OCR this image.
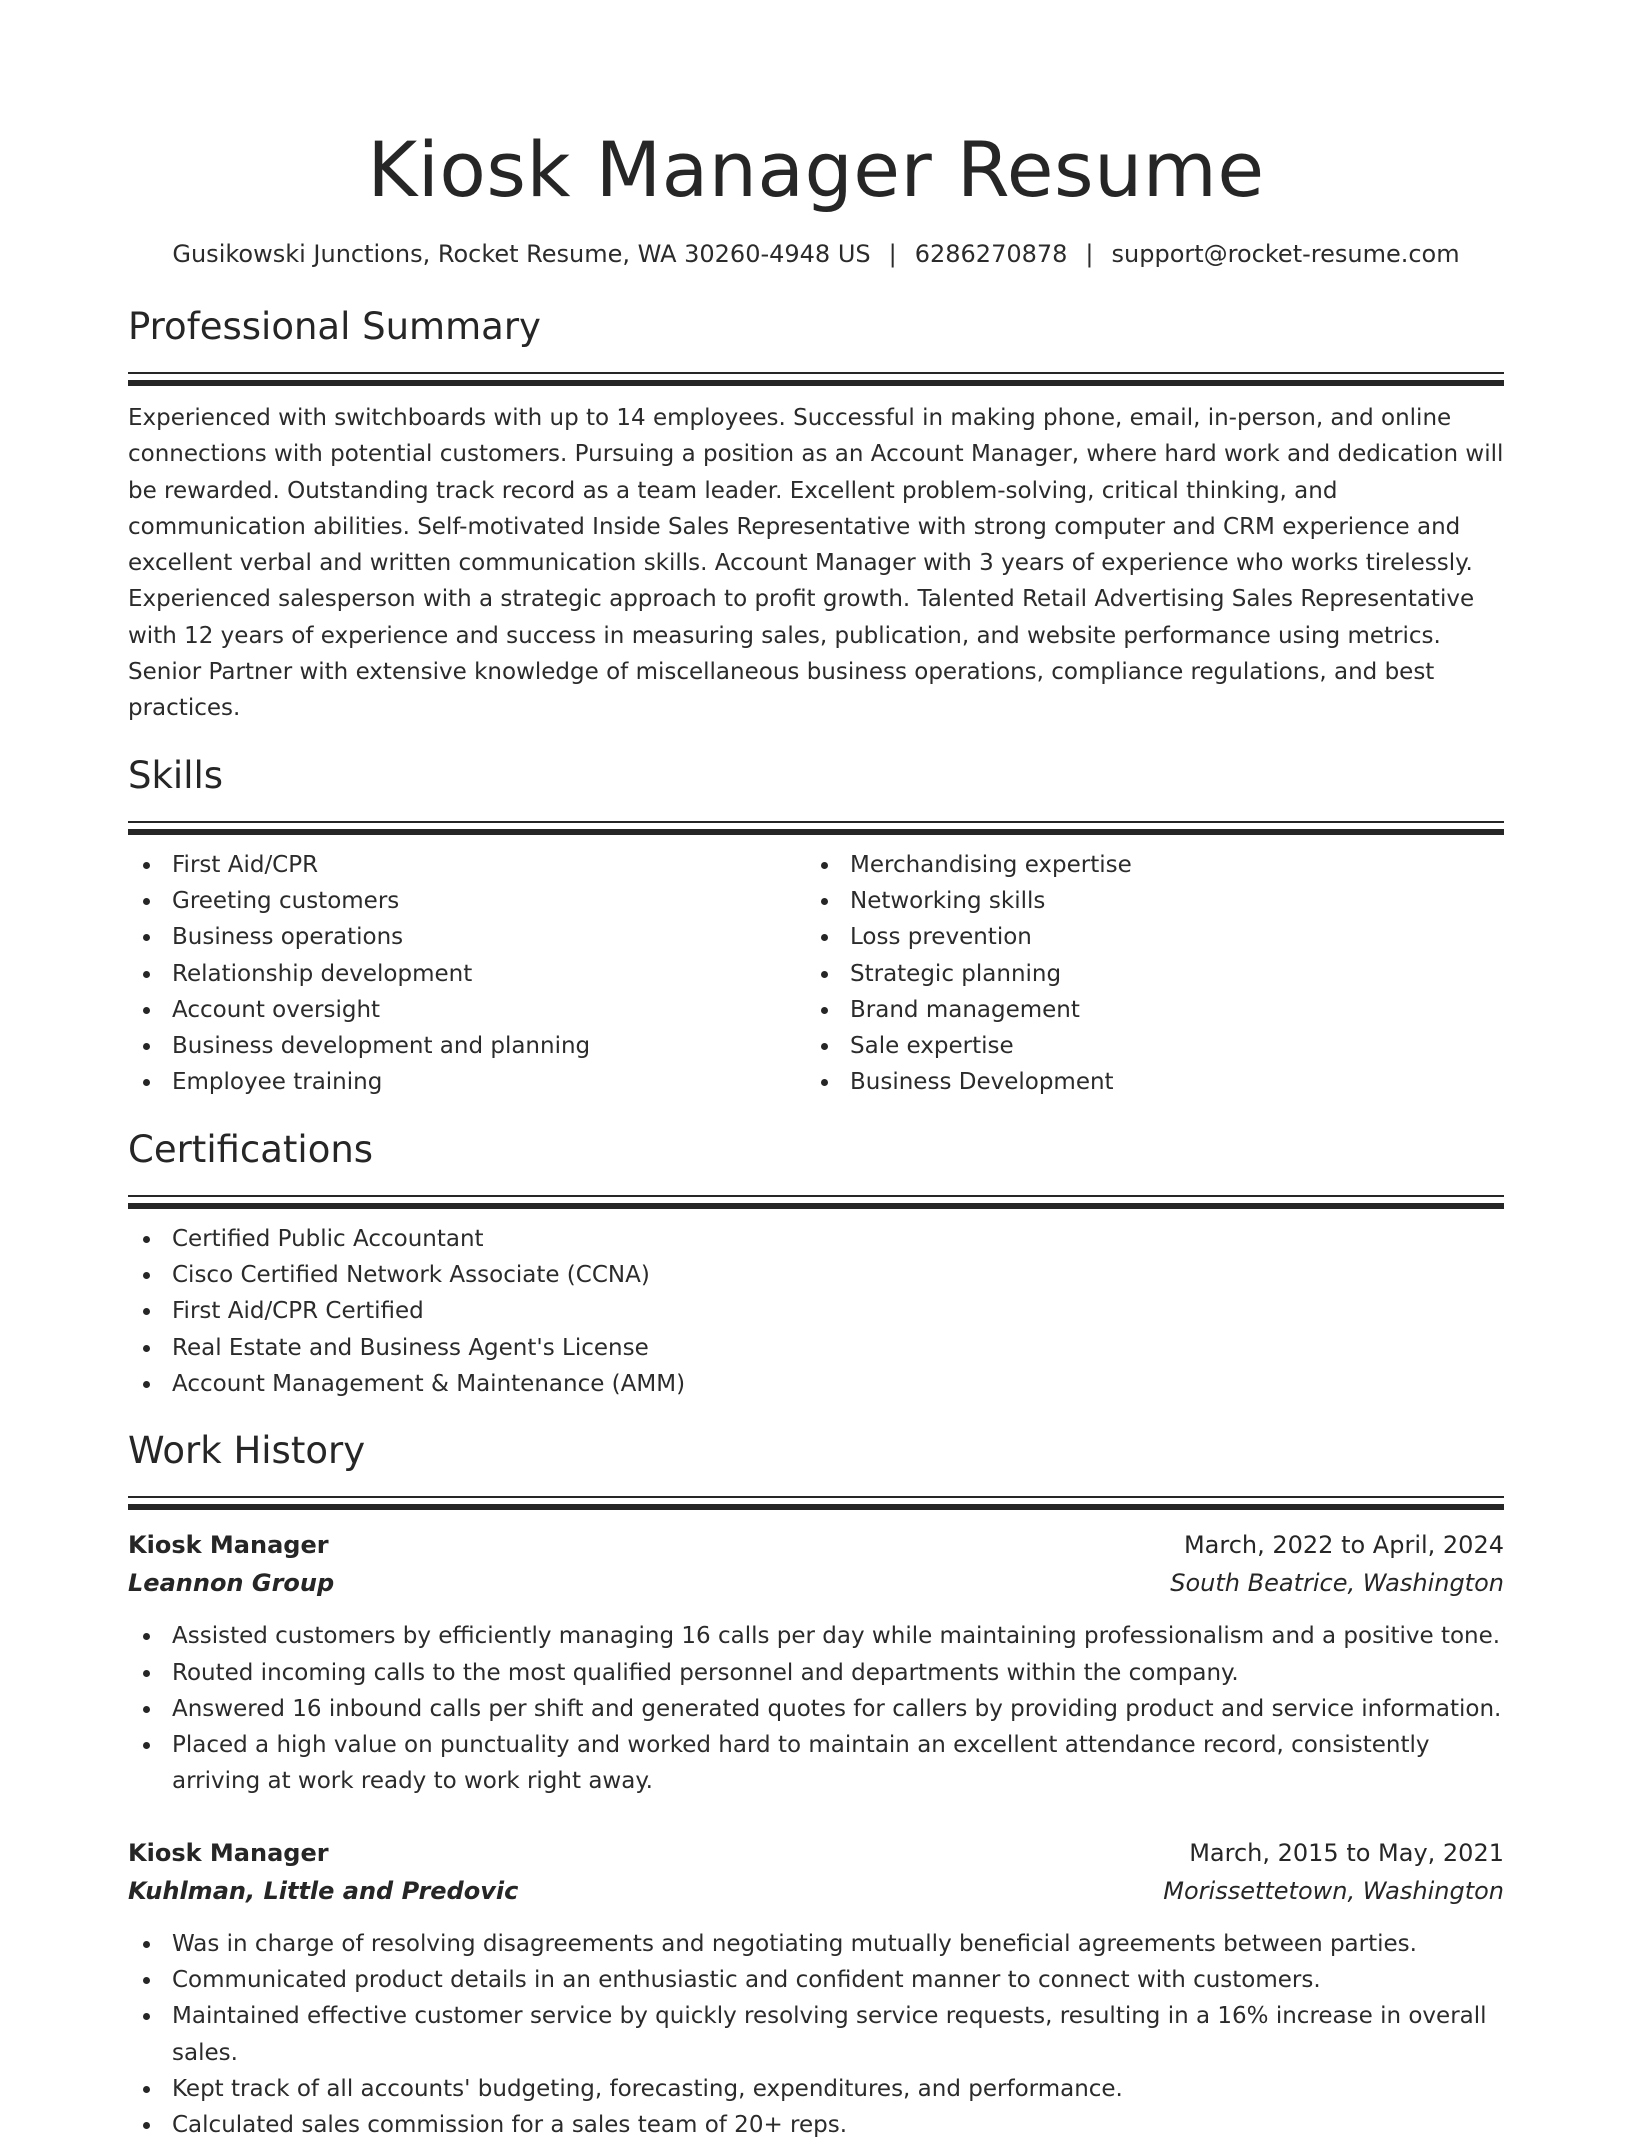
Kiosk Manager Resume
Gusikowski Junctions, Rocket Resume, WA 30260-4948 US | 6286270878 | support@rocket-resume.com
Professional Summary
Experienced with switchboards with up to 14 employees. Successful in making phone, email, in-person, and online connections with potential customers. Pursuing a position as an Account Manager, where hard work and dedication will be rewarded. Outstanding track record as a team leader. Excellent problem-solving, critical thinking, and communication abilities. Self-motivated Inside Sales Representative with strong computer and CRM experience and excellent verbal and written communication skills. Account Manager with 3 years of experience who works tirelessly. Experienced salesperson with a strategic approach to profit growth. Talented Retail Advertising Sales Representative with 12 years of experience and success in measuring sales, publication, and website performance using metrics. Senior Partner with extensive knowledge of miscellaneous business operations, compliance regulations, and best practices.
Skills
First Aid/CPR
Greeting customers
Business operations
Relationship development
Account oversight
Business development and planning
Employee training
Merchandising expertise
Networking skills
Loss prevention
Strategic planning
Brand management
Sale expertise
Business Development
Certifications
Certified Public Accountant
Cisco Certified Network Associate (CCNA)
First Aid/CPR Certified
Real Estate and Business Agent's License
Account Management & Maintenance (AMM)
Work History
Kiosk Manager	March, 2022 to April, 2024
Leannon Group	South Beatrice, Washington
Assisted customers by efficiently managing 16 calls per day while maintaining professionalism and a positive tone.
Routed incoming calls to the most qualified personnel and departments within the company.
Answered 16 inbound calls per shift and generated quotes for callers by providing product and service information.
Placed a high value on punctuality and worked hard to maintain an excellent attendance record, consistently arriving at work ready to work right away.
Kiosk Manager	March, 2015 to May, 2021
Kuhlman, Little and Predovic	Morissettetown, Washington
Was in charge of resolving disagreements and negotiating mutually beneficial agreements between parties.
Communicated product details in an enthusiastic and confident manner to connect with customers.
Maintained effective customer service by quickly resolving service requests, resulting in a 16% increase in overall sales.
Kept track of all accounts' budgeting, forecasting, expenditures, and performance.
Calculated sales commission for a sales team of 20+ reps.
